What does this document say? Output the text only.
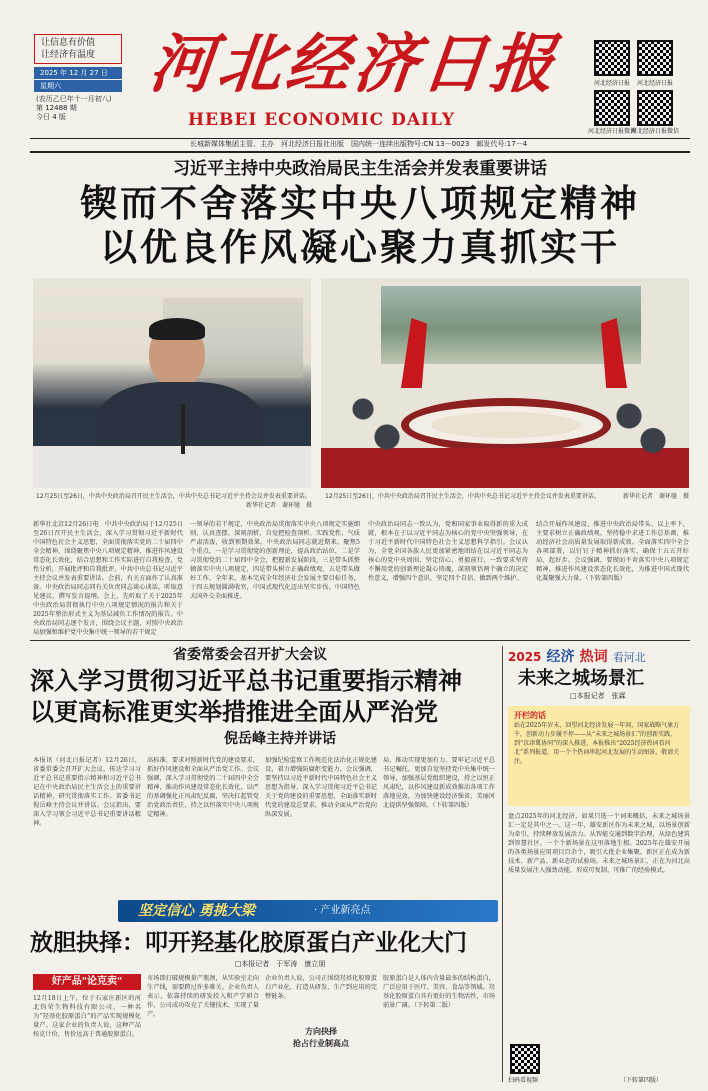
让信息有价值
让经济有温度
2025 年 12 月 27 日
星期六
(农历乙巳年十一月初八)
第 12488 期
今日 4 版
河北经济日报
HEBEI ECONOMIC DAILY
河北经济日报	河北经济日报
河北经济日报微博
河北经济日报微信
长城新媒体集团主管、主办　河北经济日报社出版　国内统一连续出版物号:CN 13－0023　邮发代号:17－4
习近平主持中央政治局民主生活会并发表重要讲话
锲而不舍落实中央八项规定精神
以优良作风凝心聚力真抓实干
12月25日至26日，中共中央政治局召开民主生活会，中共中央总书记习近平主持会议并发表重要讲话。
新华社记者　谢环驰　摄
12月25日至26日，中共中央政治局召开民主生活会，中共中央总书记习近平主持会议并发表重要讲话。	新华社记者　谢环驰　摄
新华社北京12月26日电　中共中央政治局于12月25日至26日召开民主生活会，深入学习贯彻习近平新时代中国特色社会主义思想，全面贯彻落实党的二十届四中全会精神，围绕聚焦中央八项规定精神、推进作风建设常态化长效化，结合思想和工作实际进行自我检查、党性分析，开展批评和自我批评。中共中央总书记习近平主持会议并发表重要讲话。会前，有关方面作了认真准备。中央政治局同志同有关负责同志谈心谈话，听取意见建议，撰写发言提纲。会上，先听取了关于2025年中央政治局贯彻执行中央八项规定情况的报告和关于2025年整治形式主义为基层减负工作情况的报告。中央政治局同志逐个发言，围绕会议主题，对照中央政治局加强和维护党中央集中统一领导的若干规定
一领导的若干规定，中央政治局贯彻落实中央八项规定实施细则，认真查摆、深刻剖析，自觉把检查剖析、实践党性、气质严肃活泼，收到预期效果。中央政治局同志就近期来，聚焦5个重点、一是学习贯彻党的创新理论，提高政治站位，二是学习贯彻党的二十届四中全会，把握新发展阶段，三是带头抓整顿落实中央八项规定，四是带头树立正确政绩观，五是带头做好工作、全年来，基本完成全年经济社会发展主要目标任务，十四五规划圆满收官，中国式现代化迈出坚实步伐。中国特色大国外交全面推进。
中央政治局同志一致认为，党和国家事业取得新的重大成就，根本在于以习近平同志为核心的党中央坚强领导，在于习近平新时代中国特色社会主义思想科学指引。会议认为，全党全国各族人民更加紧密地团结在以习近平同志为核心的党中央周围，坚定信心、勇毅前行，一致要求坚持不懈用党的创新理论凝心铸魂，深刻领悟两个确立的决定性意义，增强四个意识、坚定四个自信、做到两个维护。
结合开展作风建设，推进中央政治局带头、以上率下，主要求树立正确政绩观，坚持稳中求进工作总基调，推动经济社会高质量发展取得新成效。全面落实四中全会各项部署，以钉钉子精神抓好落实，确保十五五开好局、起好步。会议强调，要锲而不舍落实中央八项规定精神，推进作风建设常态化长效化，为推进中国式现代化凝聚强大力量。（下转第四版）
省委常委会召开扩大会议
深入学习贯彻习近平总书记重要指示精神
以更高标准更实举措推进全面从严治党
倪岳峰主持并讲话
本报讯（河北日报记者）12月26日，省委常委会召开扩大会议，传达学习习近平总书记重要指示精神和习近平总书记在中央政治局民主生活会上的重要讲话精神，研究贯彻落实工作。省委书记倪岳峰主持会议并讲话。会议指出，要深入学习领会习近平总书记重要讲话精神。
高标准、要求对照新时代党的建设要求，抓好作风建设和全面从严治党工作。会议强调，深入学习贯彻党的二十届四中全会精神，推动作风建设常态化长效化，以严的基调强化正风肃纪反腐，坚决扛起管党治党政治责任，持之以恒落实中央八项规定精神。
加强纪检监察工作规范化法治化正规化建设，着力增强防腐拒变能力。会议强调，要坚持以习近平新时代中国特色社会主义思想为指导，深入学习贯彻习近平总书记关于党的建设的重要思想，全面落实新时代党的建设总要求，推动全面从严治党向纵深发展。
局，推动实现更加有力。要牢记习近平总书记嘱托，更加自觉坚持党中央集中统一领导，加强基层党组织建设，持之以恒正风肃纪，以作风建设新成效推动各项工作落地见效，为加快建设经济强省、美丽河北提供坚强保障。（下转第四版）
坚定信心 勇挑大梁	· 产业新亮点
放胆抉择：叩开羟基化胶原蛋白产业化大门
□本报记者　于军涛　康立朋
好产品"论克卖"
12月18日上午，位于石家庄新区的河北钧荣生物科技有限公司，一种名为“羟基化胶原蛋白”的产品实现规模化量产。这家企业的负责人说，这种产品按克计价，售价远高于普通胶原蛋白。
市场即打破规模量产瓶颈，从实验室走向生产线，需要跨过许多难关。企业负责人表示，依靠持续的研发投入和产学研合作，公司成功攻克了关键技术，实现了量产。
企业负责人说，公司正围绕羟基化胶原蛋白产业化，打造从研发、生产到应用的完整链条。
方向抉择
抢占行业制高点
胶原蛋白是人体内含量最多的结构蛋白，广泛应用于医疗、美容、食品等领域。羟基化胶原蛋白具有更好的生物活性，市场前景广阔。（下转第二版）
2025 经济 热词 看河北
未来之城场景汇
□本报记者　张霖
开栏的话
站在2025年岁末，回望河北经济发展一年间，国家战略气象万千，创新动力步履不停——从“未来之城场景汇”的创新实践，到“京津冀协同”的深入推进，本报推出“2025经济热词看河北”系列报道，用一个个热词串起河北发展的生动图景，敬请关注。
盘点2025年的河北经济，如果只选一个词来概括，未来之城场景汇一定是其中之一。这一年，雄安新区作为未来之城，以场景创新为牵引，持续释放发展活力。从智能交通到数字治理，从绿色建筑到智慧社区，一个个新场景在这里落地生根。2025年在雄安开展的各类场景应用项目百余个，吸引大批企业集聚，新区正在成为新技术、新产品、新业态的试验场。未来之城场景汇，正在为河北高质量发展注入强劲动能，形成可复制、可推广的经验模式。
扫码看视频	（下转第四版）
